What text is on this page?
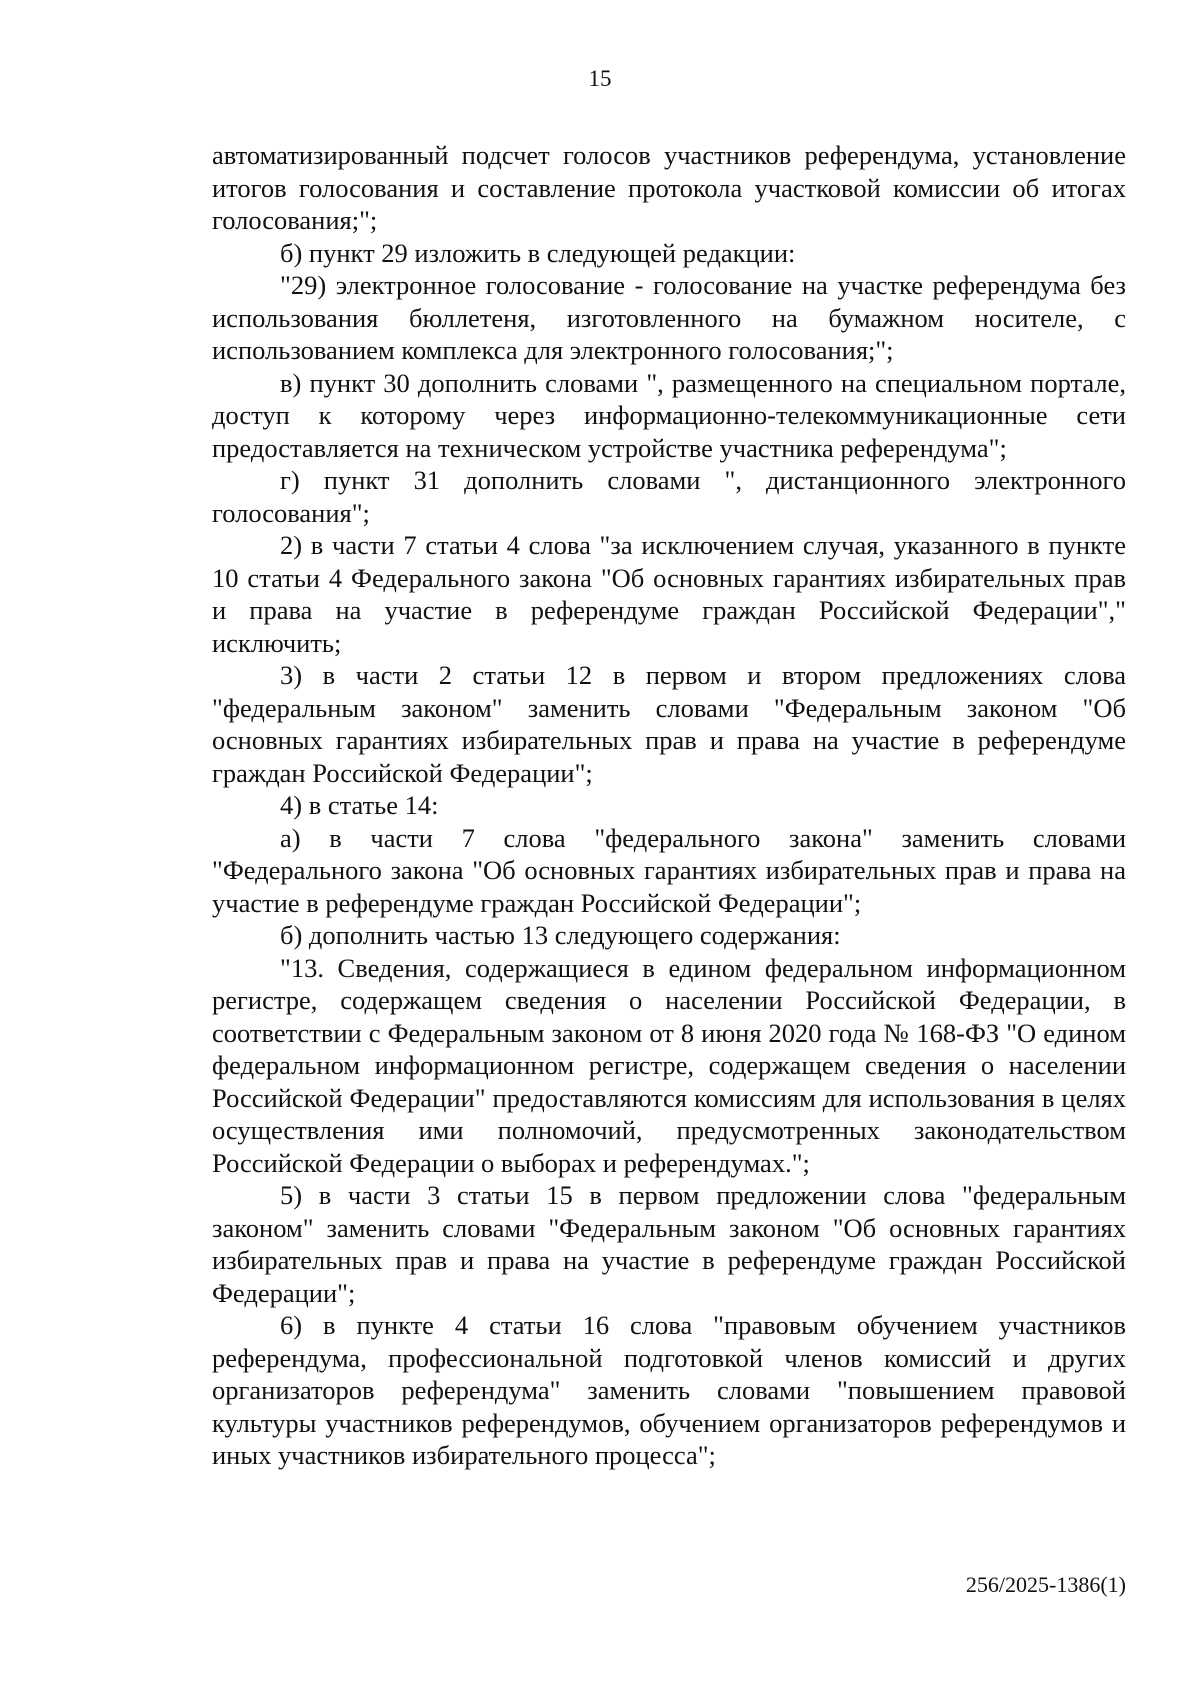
15

автоматизированный подсчет голосов участников референдума, установление итогов голосования и составление протокола участковой комиссии об итогах голосования;";

б) пункт 29 изложить в следующей редакции:

"29) электронное голосование - голосование на участке референдума без использования бюллетеня, изготовленного на бумажном носителе, с использованием комплекса для электронного голосования;";

в) пункт 30 дополнить словами ", размещенного на специальном портале, доступ к которому через информационно-телекоммуникационные сети предоставляется на техническом устройстве участника референдума";

г) пункт 31 дополнить словами ", дистанционного электронного голосования";

2) в части 7 статьи 4 слова "за исключением случая, указанного в пункте 10 статьи 4 Федерального закона "Об основных гарантиях избирательных прав и права на участие в референдуме граждан Российской Федерации"," исключить;

3) в части 2 статьи 12 в первом и втором предложениях слова "федеральным законом" заменить словами "Федеральным законом "Об основных гарантиях избирательных прав и права на участие в референдуме граждан Российской Федерации";

4) в статье 14:

а) в части 7 слова "федерального закона" заменить словами "Федерального закона "Об основных гарантиях избирательных прав и права на участие в референдуме граждан Российской Федерации";

б) дополнить частью 13 следующего содержания:

"13. Сведения, содержащиеся в едином федеральном информационном регистре, содержащем сведения о населении Российской Федерации, в соответствии с Федеральным законом от 8 июня 2020 года № 168-ФЗ "О едином федеральном информационном регистре, содержащем сведения о населении Российской Федерации" предоставляются комиссиям для использования в целях осуществления ими полномочий, предусмотренных законодательством Российской Федерации о выборах и референдумах.";

5) в части 3 статьи 15 в первом предложении слова "федеральным законом" заменить словами "Федеральным законом "Об основных гарантиях избирательных прав и права на участие в референдуме граждан Российской Федерации";

6) в пункте 4 статьи 16 слова "правовым обучением участников референдума, профессиональной подготовкой членов комиссий и других организаторов референдума" заменить словами "повышением правовой культуры участников референдумов, обучением организаторов референдумов и иных участников избирательного процесса";

256/2025-1386(1)
